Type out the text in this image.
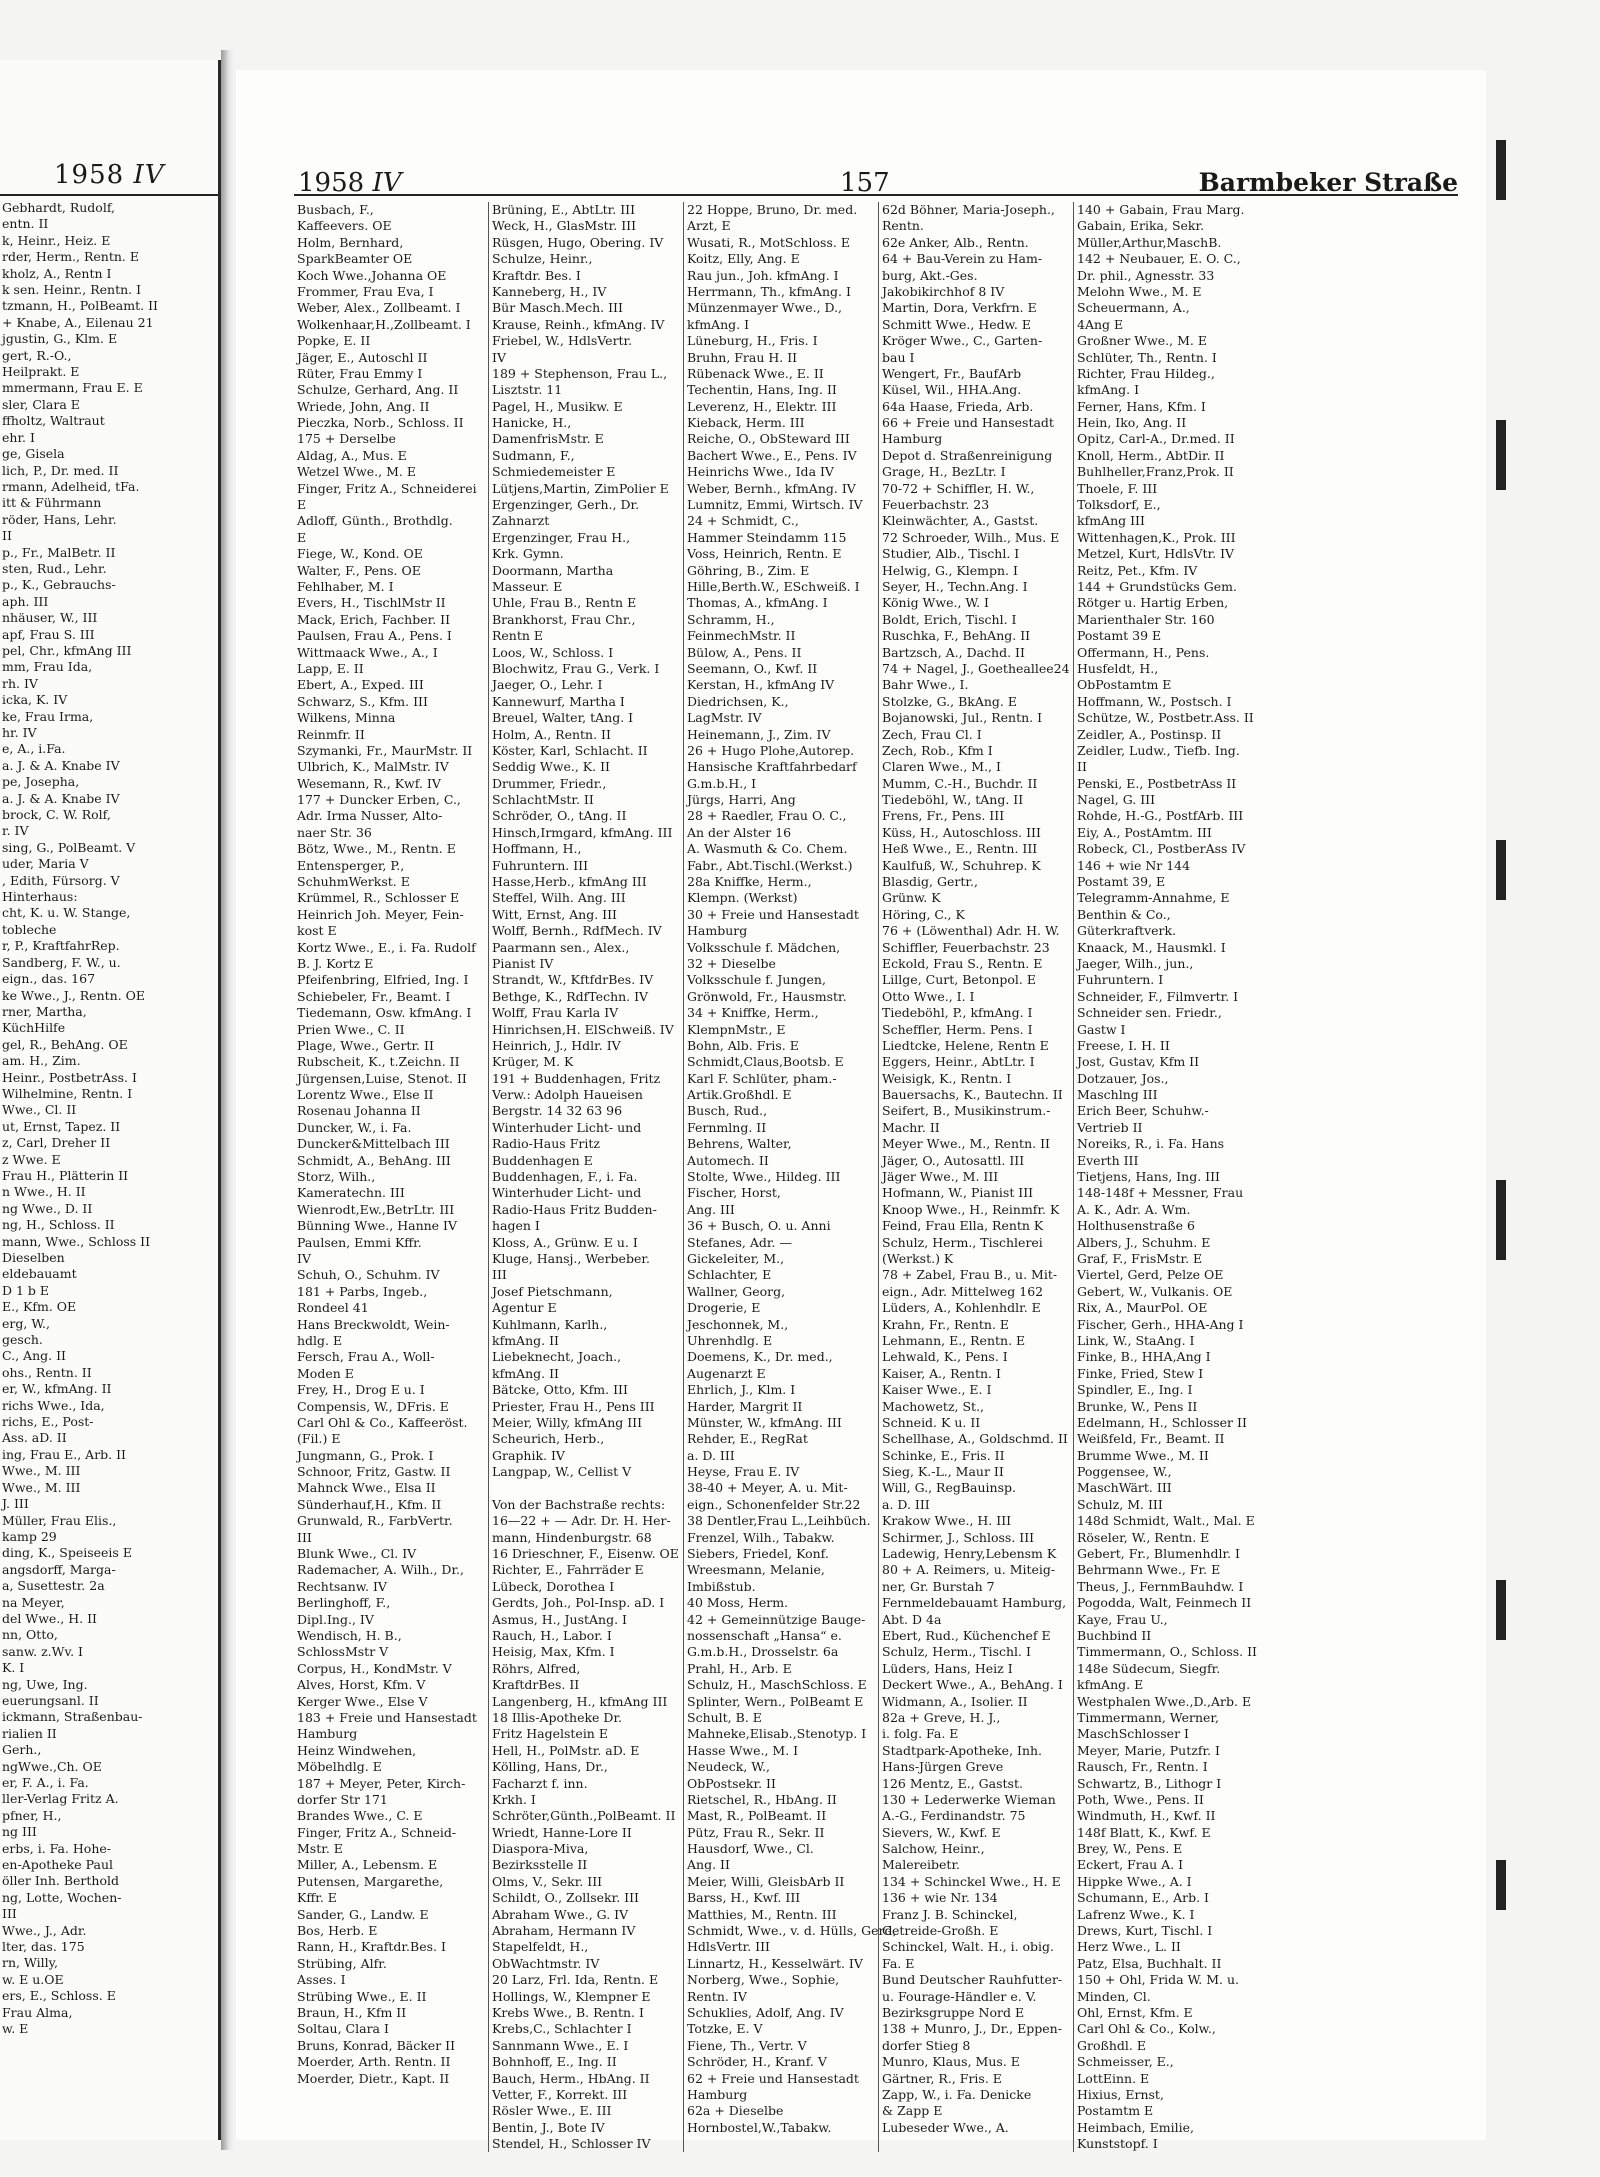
1958 IV
Gebhardt, Rudolf,
entn. II
k, Heinr., Heiz. E
rder, Herm., Rentn. E
kholz, A., Rentn I
k sen. Heinr., Rentn. I
tzmann, H., PolBeamt. II
+ Knabe, A., Eilenau 21
jgustin, G., Klm. E
gert, R.-O.,
Heilprakt. E
mmermann, Frau E. E
sler, Clara E
ffholtz, Waltraut
ehr. I
ge, Gisela
lich, P., Dr. med. II
rmann, Adelheid, tFa.
itt & Führmann
röder, Hans, Lehr.
II
p., Fr., MalBetr. II
sten, Rud., Lehr.
p., K., Gebrauchs-
aph. III
nhäuser, W., III
apf, Frau S. III
pel, Chr., kfmAng III
mm, Frau Ida,
rh. IV
icka, K. IV
ke, Frau Irma,
hr. IV
e, A., i.Fa.
a. J. & A. Knabe IV
pe, Josepha,
a. J. & A. Knabe IV
brock, C. W. Rolf,
r. IV
sing, G., PolBeamt. V
uder, Maria V
, Edith, Fürsorg. V
Hinterhaus:
cht, K. u. W. Stange,
tobleche
r, P., KraftfahrRep.
Sandberg, F. W., u.
eign., das. 167
ke Wwe., J., Rentn. OE
rner, Martha,
KüchHilfe
gel, R., BehAng. OE
am. H., Zim.
Heinr., PostbetrAss. I
Wilhelmine, Rentn. I
Wwe., Cl. II
ut, Ernst, Tapez. II
z, Carl, Dreher II
z Wwe. E
Frau H., Plätterin II
n Wwe., H. II
ng Wwe., D. II
ng, H., Schloss. II
mann, Wwe., Schloss II
Dieselben
eldebauamt
D 1 b E
E., Kfm. OE
erg, W.,
gesch.
C., Ang. II
ohs., Rentn. II
er, W., kfmAng. II
richs Wwe., Ida,
richs, E., Post-
Ass. aD. II
ing, Frau E., Arb. II
Wwe., M. III
Wwe., M. III
J. III
Müller, Frau Elis.,
kamp 29
ding, K., Speiseeis E
angsdorff, Marga-
a, Susettestr. 2a
na Meyer,
del Wwe., H. II
nn, Otto,
sanw. z.Wv. I
K. I
ng, Uwe, Ing.
euerungsanl. II
ickmann, Straßenbau-
rialien II
Gerh.,
ngWwe.,Ch. OE
er, F. A., i. Fa.
ller-Verlag Fritz A.
pfner, H.,
ng III
erbs, i. Fa. Hohe-
en-Apotheke Paul
öller Inh. Berthold
ng, Lotte, Wochen-
III
Wwe., J., Adr.
lter, das. 175
rn, Willy,
w. E u.OE
ers, E., Schloss. E
Frau Alma,
w. E
1958 IV	157	Barmbeker Straße
Busbach, F.,
Kaffeevers. OE
Holm, Bernhard,
SparkBeamter OE
Koch Wwe.,Johanna OE
Frommer, Frau Eva, I
Weber, Alex., Zollbeamt. I
Wolkenhaar,H.,Zollbeamt. I
Popke, E. II
Jäger, E., Autoschl II
Rüter, Frau Emmy I
Schulze, Gerhard, Ang. II
Wriede, John, Ang. II
Pieczka, Norb., Schloss. II
175 + Derselbe
Aldag, A., Mus. E
Wetzel Wwe., M. E
Finger, Fritz A., Schneiderei
E
Adloff, Günth., Brothdlg.
E
Fiege, W., Kond. OE
Walter, F., Pens. OE
Fehlhaber, M. I
Evers, H., TischlMstr II
Mack, Erich, Fachber. II
Paulsen, Frau A., Pens. I
Wittmaack Wwe., A., I
Lapp, E. II
Ebert, A., Exped. III
Schwarz, S., Kfm. III
Wilkens, Minna
Reinmfr. II
Szymanki, Fr., MaurMstr. II
Ulbrich, K., MalMstr. IV
Wesemann, R., Kwf. IV
177 + Duncker Erben, C.,
Adr. Irma Nusser, Alto-
naer Str. 36
Bötz, Wwe., M., Rentn. E
Entensperger, P.,
SchuhmWerkst. E
Krümmel, R., Schlosser E
Heinrich Joh. Meyer, Fein-
kost E
Kortz Wwe., E., i. Fa. Rudolf
B. J. Kortz E
Pfeifenbring, Elfried, Ing. I
Schiebeler, Fr., Beamt. I
Tiedemann, Osw. kfmAng. I
Prien Wwe., C. II
Plage, Wwe., Gertr. II
Rubscheit, K., t.Zeichn. II
Jürgensen,Luise, Stenot. II
Lorentz Wwe., Else II
Rosenau Johanna II
Duncker, W., i. Fa.
Duncker&Mittelbach III
Schmidt, A., BehAng. III
Storz, Wilh.,
Kameratechn. III
Wienrodt,Ew.,BetrLtr. III
Bünning Wwe., Hanne IV
Paulsen, Emmi Kffr.
IV
Schuh, O., Schuhm. IV
181 + Parbs, Ingeb.,
Rondeel 41
Hans Breckwoldt, Wein-
hdlg. E
Fersch, Frau A., Woll-
Moden E
Frey, H., Drog E u. I
Compensis, W., DFris. E
Carl Ohl & Co., Kaffeeröst.
(Fil.) E
Jungmann, G., Prok. I
Schnoor, Fritz, Gastw. II
Mahnck Wwe., Elsa II
Sünderhauf,H., Kfm. II
Grunwald, R., FarbVertr.
III
Blunk Wwe., Cl. IV
Rademacher, A. Wilh., Dr.,
Rechtsanw. IV
Berlinghoff, F.,
Dipl.Ing., IV
Wendisch, H. B.,
SchlossMstr V
Corpus, H., KondMstr. V
Alves, Horst, Kfm. V
Kerger Wwe., Else V
183 + Freie und Hansestadt
Hamburg
Heinz Windwehen,
Möbelhdlg. E
187 + Meyer, Peter, Kirch-
dorfer Str 171
Brandes Wwe., C. E
Finger, Fritz A., Schneid-
Mstr. E
Miller, A., Lebensm. E
Putensen, Margarethe,
Kffr. E
Sander, G., Landw. E
Bos, Herb. E
Rann, H., Kraftdr.Bes. I
Strübing, Alfr.
Asses. I
Strübing Wwe., E. II
Braun, H., Kfm II
Soltau, Clara I
Bruns, Konrad, Bäcker II
Moerder, Arth. Rentn. II
Moerder, Dietr., Kapt. II
Brüning, E., AbtLtr. III
Weck, H., GlasMstr. III
Rüsgen, Hugo, Obering. IV
Schulze, Heinr.,
Kraftdr. Bes. I
Kanneberg, H., IV
Bür Masch.Mech. III
Krause, Reinh., kfmAng. IV
Friebel, W., HdlsVertr.
IV
189 + Stephenson, Frau L.,
Lisztstr. 11
Pagel, H., Musikw. E
Hanicke, H.,
DamenfrisMstr. E
Sudmann, F.,
Schmiedemeister E
Lütjens,Martin, ZimPolier E
Ergenzinger, Gerh., Dr.
Zahnarzt
Ergenzinger, Frau H.,
Krk. Gymn.
Doormann, Martha
Masseur. E
Uhle, Frau B., Rentn E
Brankhorst, Frau Chr.,
Rentn E
Loos, W., Schloss. I
Blochwitz, Frau G., Verk. I
Jaeger, O., Lehr. I
Kannewurf, Martha I
Breuel, Walter, tAng. I
Holm, A., Rentn. II
Köster, Karl, Schlacht. II
Seddig Wwe., K. II
Drummer, Friedr.,
SchlachtMstr. II
Schröder, O., tAng. II
Hinsch,Irmgard, kfmAng. III
Hoffmann, H.,
Fuhruntern. III
Hasse,Herb., kfmAng III
Steffel, Wilh. Ang. III
Witt, Ernst, Ang. III
Wolff, Bernh., RdfMech. IV
Paarmann sen., Alex.,
Pianist IV
Strandt, W., KftfdrBes. IV
Bethge, K., RdfTechn. IV
Wolff, Frau Karla IV
Hinrichsen,H. ElSchweiß. IV
Heinrich, J., Hdlr. IV
Krüger, M. K
191 + Buddenhagen, Fritz
Verw.: Adolph Haueisen
Bergstr. 14 32 63 96
Winterhuder Licht- und
Radio-Haus Fritz
Buddenhagen E
Buddenhagen, F., i. Fa.
Winterhuder Licht- und
Radio-Haus Fritz Budden-
hagen I
Kloss, A., Grünw. E u. I
Kluge, Hansj., Werbeber.
III
Josef Pietschmann,
Agentur E
Kuhlmann, Karlh.,
kfmAng. II
Liebeknecht, Joach.,
kfmAng. II
Bätcke, Otto, Kfm. III
Priester, Frau H., Pens III
Meier, Willy, kfmAng III
Scheurich, Herb.,
Graphik. IV
Langpap, W., Cellist V
Von der Bachstraße rechts:
16—22 + — Adr. Dr. H. Her-
mann, Hindenburgstr. 68
16 Drieschner, F., Eisenw. OE
Richter, E., Fahrräder E
Lübeck, Dorothea I
Gerdts, Joh., Pol-Insp. aD. I
Asmus, H., JustAng. I
Rauch, H., Labor. I
Heisig, Max, Kfm. I
Röhrs, Alfred,
KraftdrBes. II
Langenberg, H., kfmAng III
18 Illis-Apotheke Dr.
Fritz Hagelstein E
Hell, H., PolMstr. aD. E
Kölling, Hans, Dr.,
Facharzt f. inn.
Krkh. I
Schröter,Günth.,PolBeamt. II
Wriedt, Hanne-Lore II
Diaspora-Miva,
Bezirksstelle II
Olms, V., Sekr. III
Schildt, O., Zollsekr. III
Abraham Wwe., G. IV
Abraham, Hermann IV
Stapelfeldt, H.,
ObWachtmstr. IV
20 Larz, Frl. Ida, Rentn. E
Hollings, W., Klempner E
Krebs Wwe., B. Rentn. I
Krebs,C., Schlachter I
Sannmann Wwe., E. I
Bohnhoff, E., Ing. II
Bauch, Herm., HbAng. II
Vetter, F., Korrekt. III
Rösler Wwe., E. III
Bentin, J., Bote IV
Stendel, H., Schlosser IV
22 Hoppe, Bruno, Dr. med.
Arzt, E
Wusati, R., MotSchloss. E
Koitz, Elly, Ang. E
Rau jun., Joh. kfmAng. I
Herrmann, Th., kfmAng. I
Münzenmayer Wwe., D.,
kfmAng. I
Lüneburg, H., Fris. I
Bruhn, Frau H. II
Rübenack Wwe., E. II
Techentin, Hans, Ing. II
Leverenz, H., Elektr. III
Kieback, Herm. III
Reiche, O., ObSteward III
Bachert Wwe., E., Pens. IV
Heinrichs Wwe., Ida IV
Weber, Bernh., kfmAng. IV
Lumnitz, Emmi, Wirtsch. IV
24 + Schmidt, C.,
Hammer Steindamm 115
Voss, Heinrich, Rentn. E
Göhring, B., Zim. E
Hille,Berth.W., ESchweiß. I
Thomas, A., kfmAng. I
Schramm, H.,
FeinmechMstr. II
Bülow, A., Pens. II
Seemann, O., Kwf. II
Kerstan, H., kfmAng IV
Diedrichsen, K.,
LagMstr. IV
Heinemann, J., Zim. IV
26 + Hugo Plohe,Autorep.
Hansische Kraftfahrbedarf
G.m.b.H., I
Jürgs, Harri, Ang
28 + Raedler, Frau O. C.,
An der Alster 16
A. Wasmuth & Co. Chem.
Fabr., Abt.Tischl.(Werkst.)
28a Kniffke, Herm.,
Klempn. (Werkst)
30 + Freie und Hansestadt
Hamburg
Volksschule f. Mädchen,
32 + Dieselbe
Volksschule f. Jungen,
Grönwold, Fr., Hausmstr.
34 + Kniffke, Herm.,
KlempnMstr., E
Bohn, Alb. Fris. E
Schmidt,Claus,Bootsb. E
Karl F. Schlüter, pham.-
Artik.Großhdl. E
Busch, Rud.,
Fernmlng. II
Behrens, Walter,
Automech. II
Stolte, Wwe., Hildeg. III
Fischer, Horst,
Ang. III
36 + Busch, O. u. Anni
Stefanes, Adr. —
Gickeleiter, M.,
Schlachter, E
Wallner, Georg,
Drogerie, E
Jeschonnek, M.,
Uhrenhdlg. E
Doemens, K., Dr. med.,
Augenarzt E
Ehrlich, J., Klm. I
Harder, Margrit II
Münster, W., kfmAng. III
Rehder, E., RegRat
a. D. III
Heyse, Frau E. IV
38-40 + Meyer, A. u. Mit-
eign., Schonenfelder Str.22
38 Dentler,Frau L.,Leihbüch.
Frenzel, Wilh., Tabakw.
Siebers, Friedel, Konf.
Wreesmann, Melanie,
Imbißstub.
40 Moss, Herm.
42 + Gemeinnützige Bauge-
nossenschaft „Hansa“ e.
G.m.b.H., Drosselstr. 6a
Prahl, H., Arb. E
Schulz, H., MaschSchloss. E
Splinter, Wern., PolBeamt E
Schult, B. E
Mahneke,Elisab.,Stenotyp. I
Hasse Wwe., M. I
Neudeck, W.,
ObPostsekr. II
Rietschel, R., HbAng. II
Mast, R., PolBeamt. II
Pütz, Frau R., Sekr. II
Hausdorf, Wwe., Cl.
Ang. II
Meier, Willi, GleisbArb II
Barss, H., Kwf. III
Matthies, M., Rentn. III
Schmidt, Wwe., v. d. Hülls, Gerd,
HdlsVertr. III
Linnartz, H., Kesselwärt. IV
Norberg, Wwe., Sophie,
Rentn. IV
Schuklies, Adolf, Ang. IV
Totzke, E. V
Fiene, Th., Vertr. V
Schröder, H., Kranf. V
62 + Freie und Hansestadt
Hamburg
62a + Dieselbe
Hornbostel,W.,Tabakw.
62d Böhner, Maria-Joseph.,
Rentn.
62e Anker, Alb., Rentn.
64 + Bau-Verein zu Ham-
burg, Akt.-Ges.
Jakobikirchhof 8 IV
Martin, Dora, Verkfrn. E
Schmitt Wwe., Hedw. E
Kröger Wwe., C., Garten-
bau I
Wengert, Fr., BaufArb
Küsel, Wil., HHA.Ang.
64a Haase, Frieda, Arb.
66 + Freie und Hansestadt
Hamburg
Depot d. Straßenreinigung
Grage, H., BezLtr. I
70-72 + Schiffler, H. W.,
Feuerbachstr. 23
Kleinwächter, A., Gastst.
72 Schroeder, Wilh., Mus. E
Studier, Alb., Tischl. I
Helwig, G., Klempn. I
Seyer, H., Techn.Ang. I
König Wwe., W. I
Boldt, Erich, Tischl. I
Ruschka, F., BehAng. II
Bartzsch, A., Dachd. II
74 + Nagel, J., Goetheallee24
Bahr Wwe., I.
Stolzke, G., BkAng. E
Bojanowski, Jul., Rentn. I
Zech, Frau Cl. I
Zech, Rob., Kfm I
Claren Wwe., M., I
Mumm, C.-H., Buchdr. II
Tiedeböhl, W., tAng. II
Frens, Fr., Pens. III
Küss, H., Autoschloss. III
Heß Wwe., E., Rentn. III
Kaulfuß, W., Schuhrep. K
Blasdig, Gertr.,
Grünw. K
Höring, C., K
76 + (Löwenthal) Adr. H. W.
Schiffler, Feuerbachstr. 23
Eckold, Frau S., Rentn. E
Lillge, Curt, Betonpol. E
Otto Wwe., I. I
Tiedeböhl, P., kfmAng. I
Scheffler, Herm. Pens. I
Liedtcke, Helene, Rentn E
Eggers, Heinr., AbtLtr. I
Weisigk, K., Rentn. I
Bauersachs, K., Bautechn. II
Seifert, B., Musikinstrum.-
Machr. II
Meyer Wwe., M., Rentn. II
Jäger, O., Autosattl. III
Jäger Wwe., M. III
Hofmann, W., Pianist III
Knoop Wwe., H., Reinmfr. K
Feind, Frau Ella, Rentn K
Schulz, Herm., Tischlerei
(Werkst.) K
78 + Zabel, Frau B., u. Mit-
eign., Adr. Mittelweg 162
Lüders, A., Kohlenhdlr. E
Krahn, Fr., Rentn. E
Lehmann, E., Rentn. E
Lehwald, K., Pens. I
Kaiser, A., Rentn. I
Kaiser Wwe., E. I
Machowetz, St.,
Schneid. K u. II
Schellhase, A., Goldschmd. II
Schinke, E., Fris. II
Sieg, K.-L., Maur II
Will, G., RegBauinsp.
a. D. III
Krakow Wwe., H. III
Schirmer, J., Schloss. III
Ladewig, Henry,Lebensm K
80 + A. Reimers, u. Miteig-
ner, Gr. Burstah 7
Fernmeldebauamt Hamburg,
Abt. D 4a
Ebert, Rud., Küchenchef E
Schulz, Herm., Tischl. I
Lüders, Hans, Heiz I
Deckert Wwe., A., BehAng. I
Widmann, A., Isolier. II
82a + Greve, H. J.,
i. folg. Fa. E
Stadtpark-Apotheke, Inh.
Hans-Jürgen Greve
126 Mentz, E., Gastst.
130 + Lederwerke Wieman
A.-G., Ferdinandstr. 75
Sievers, W., Kwf. E
Salchow, Heinr.,
Malereibetr.
134 + Schinckel Wwe., H. E
136 + wie Nr. 134
Franz J. B. Schinckel,
Getreide-Großh. E
Schinckel, Walt. H., i. obig.
Fa. E
Bund Deutscher Rauhfutter-
u. Fourage-Händler e. V.
Bezirksgruppe Nord E
138 + Munro, J., Dr., Eppen-
dorfer Stieg 8
Munro, Klaus, Mus. E
Gärtner, R., Fris. E
Zapp, W., i. Fa. Denicke
& Zapp E
Lubeseder Wwe., A.
140 + Gabain, Frau Marg.
Gabain, Erika, Sekr.
Müller,Arthur,MaschB.
142 + Neubauer, E. O. C.,
Dr. phil., Agnesstr. 33
Melohn Wwe., M. E
Scheuermann, A.,
4Ang E
Großner Wwe., M. E
Schlüter, Th., Rentn. I
Richter, Frau Hildeg.,
kfmAng. I
Ferner, Hans, Kfm. I
Hein, Iko, Ang. II
Opitz, Carl-A., Dr.med. II
Knoll, Herm., AbtDir. II
Buhlheller,Franz,Prok. II
Thoele, F. III
Tolksdorf, E.,
kfmAng III
Wittenhagen,K., Prok. III
Metzel, Kurt, HdlsVtr. IV
Reitz, Pet., Kfm. IV
144 + Grundstücks Gem.
Rötger u. Hartig Erben,
Marienthaler Str. 160
Postamt 39 E
Offermann, H., Pens.
Husfeldt, H.,
ObPostamtm E
Hoffmann, W., Postsch. I
Schütze, W., Postbetr.Ass. II
Zeidler, A., Postinsp. II
Zeidler, Ludw., Tiefb. Ing.
II
Penski, E., PostbetrAss II
Nagel, G. III
Rohde, H.-G., PostfArb. III
Eiy, A., PostAmtm. III
Robeck, Cl., PostberAss IV
146 + wie Nr 144
Postamt 39, E
Telegramm-Annahme, E
Benthin & Co.,
Güterkraftverk.
Knaack, M., Hausmkl. I
Jaeger, Wilh., jun.,
Fuhruntern. I
Schneider, F., Filmvertr. I
Schneider sen. Friedr.,
Gastw I
Freese, I. H. II
Jost, Gustav, Kfm II
Dotzauer, Jos.,
Maschlng III
Erich Beer, Schuhw.-
Vertrieb II
Noreiks, R., i. Fa. Hans
Everth III
Tietjens, Hans, Ing. III
148-148f + Messner, Frau
A. K., Adr. A. Wm.
Holthusenstraße 6
Albers, J., Schuhm. E
Graf, F., FrisMstr. E
Viertel, Gerd, Pelze OE
Gebert, W., Vulkanis. OE
Rix, A., MaurPol. OE
Fischer, Gerh., HHA-Ang I
Link, W., StaAng. I
Finke, B., HHA,Ang I
Finke, Fried, Stew I
Spindler, E., Ing. I
Brunke, W., Pens II
Edelmann, H., Schlosser II
Weißfeld, Fr., Beamt. II
Brumme Wwe., M. II
Poggensee, W.,
MaschWärt. III
Schulz, M. III
148d Schmidt, Walt., Mal. E
Röseler, W., Rentn. E
Gebert, Fr., Blumenhdlr. I
Behrmann Wwe., Fr. E
Theus, J., FernmBauhdw. I
Pogodda, Walt, Feinmech II
Kaye, Frau U.,
Buchbind II
Timmermann, O., Schloss. II
148e Südecum, Siegfr.
kfmAng. E
Westphalen Wwe.,D.,Arb. E
Timmermann, Werner,
MaschSchlosser I
Meyer, Marie, Putzfr. I
Rausch, Fr., Rentn. I
Schwartz, B., Lithogr I
Poth, Wwe., Pens. II
Windmuth, H., Kwf. II
148f Blatt, K., Kwf. E
Brey, W., Pens. E
Eckert, Frau A. I
Hippke Wwe., A. I
Schumann, E., Arb. I
Lafrenz Wwe., K. I
Drews, Kurt, Tischl. I
Herz Wwe., L. II
Patz, Elsa, Buchhalt. II
150 + Ohl, Frida W. M. u.
Minden, Cl.
Ohl, Ernst, Kfm. E
Carl Ohl & Co., Kolw.,
Großhdl. E
Schmeisser, E.,
LottEinn. E
Hixius, Ernst,
Postamtm E
Heimbach, Emilie,
Kunststopf. I
